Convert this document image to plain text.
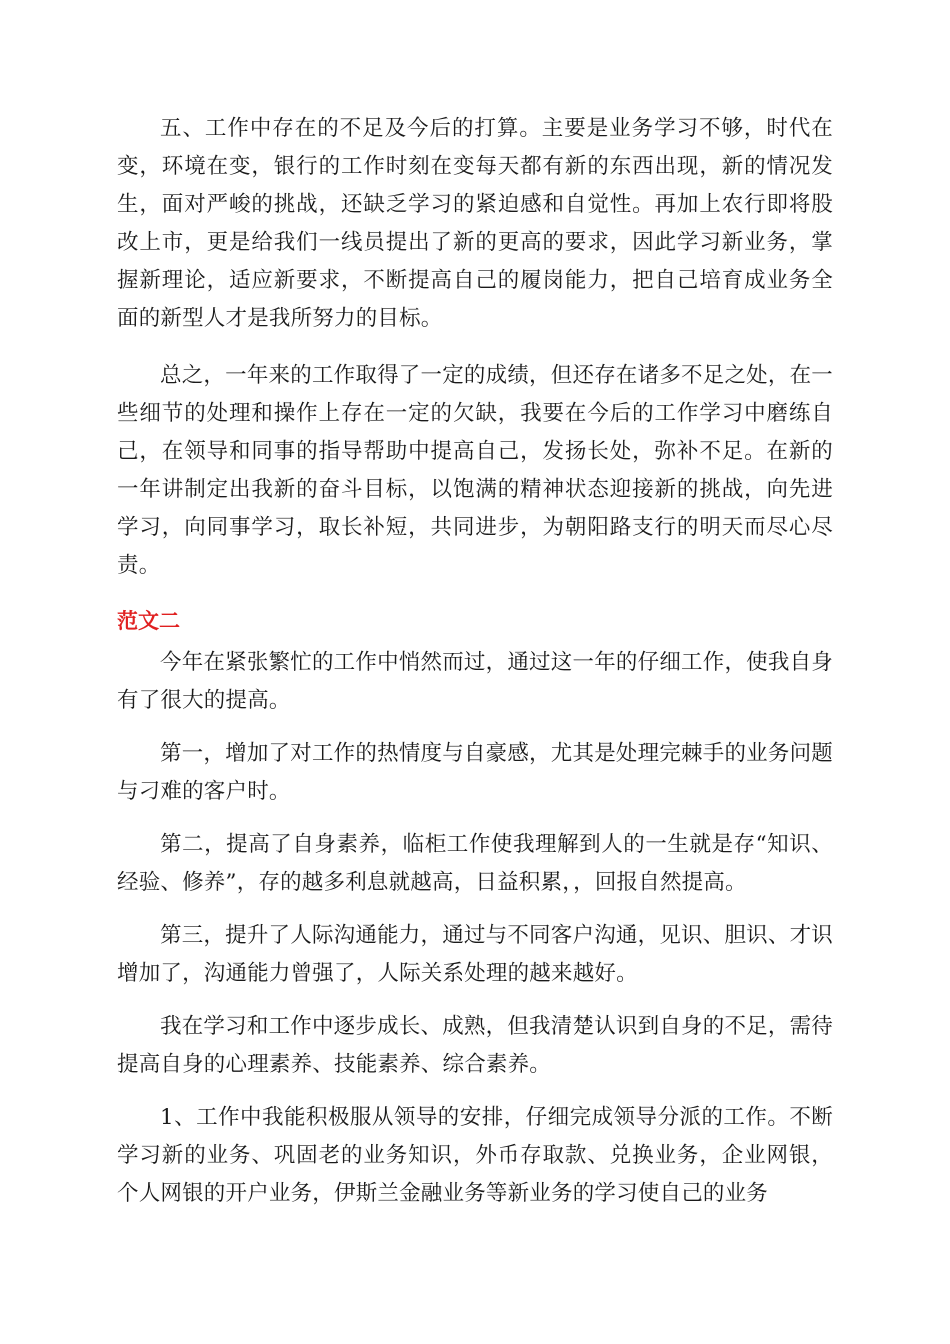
五、工作中存在的不足及今后的打算。主要是业务学习不够，时代在变，环境在变，银行的工作时刻在变每天都有新的东西出现，新的情况发生，面对严峻的挑战，还缺乏学习的紧迫感和自觉性。再加上农行即将股改上市，更是给我们一线员提出了新的更高的要求，因此学习新业务，掌握新理论，适应新要求，不断提高自己的履岗能力，把自己培育成业务全面的新型人才是我所努力的目标。

总之，一年来的工作取得了一定的成绩，但还存在诸多不足之处，在一些细节的处理和操作上存在一定的欠缺，我要在今后的工作学习中磨练自己，在领导和同事的指导帮助中提高自己，发扬长处，弥补不足。在新的一年讲制定出我新的奋斗目标，以饱满的精神状态迎接新的挑战，向先进学习，向同事学习，取长补短，共同进步，为朝阳路支行的明天而尽心尽责。

范文二

今年在紧张繁忙的工作中悄然而过，通过这一年的仔细工作，使我自身有了很大的提高。

第一，增加了对工作的热情度与自豪感，尤其是处理完棘手的业务问题与刁难的客户时。

第二，提高了自身素养，临柜工作使我理解到人的一生就是存“知识、经验、修养”，存的越多利息就越高，日益积累，，回报自然提高。

第三，提升了人际沟通能力，通过与不同客户沟通，见识、胆识、才识增加了，沟通能力曾强了，人际关系处理的越来越好。

我在学习和工作中逐步成长、成熟，但我清楚认识到自身的不足，需待提高自身的心理素养、技能素养、综合素养。

1、工作中我能积极服从领导的安排，仔细完成领导分派的工作。不断学习新的业务、巩固老的业务知识，外币存取款、兑换业务，企业网银，个人网银的开户业务，伊斯兰金融业务等新业务的学习使自己的业务
